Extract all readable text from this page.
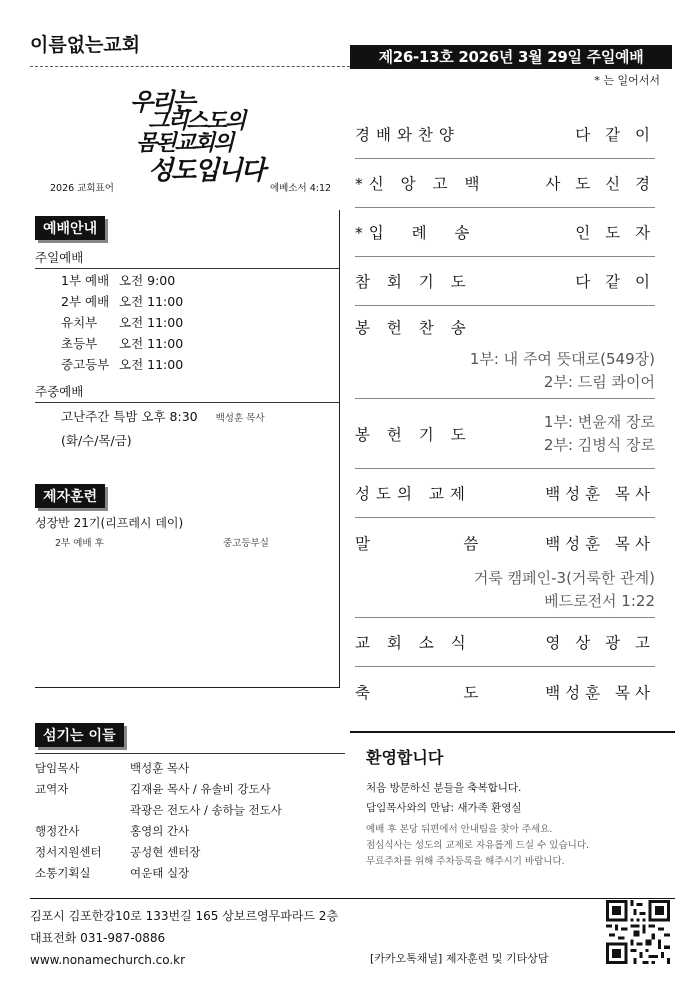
이름없는교회
제26-13호 2026년 3월 29일 주일예배
* 는 일어서서
우리는
그리스도의
몸된교회의
성도입니다
2026 교회표어	에베소서 4:12
예배안내
주일예배
1부 예배 오전 9:00
2부 예배 오전 11:00
유치부	오전 11:00
초등부	오전 11:00
중고등부 오전 11:00
주중예배
고난주간 특밤 오후 8:30 백성훈 목사
(화/수/목/금)
제자훈련
성장반 21기(리프레시 데이)
2부 예배 후	중고등부실
경배와찬양	다 같 이
*신 앙 고 백	사 도 신 경
*입  례  송	인 도 자
참 회 기 도	다 같 이
봉 헌 찬 송
1부: 내 주여 뜻대로(549장)
2부: 드림 콰이어
봉 헌 기 도
1부: 변윤재 장로
2부: 김병식 장로
성도의 교제	백성훈 목사
말        씀	백성훈 목사
거룩 캠페인-3(거룩한 관계)
베드로전서 1:22
교 회 소 식	영 상 광 고
축        도	백성훈 목사
섬기는 이들
담임목사	백성훈 목사
교역자	김재윤 목사 / 유솔비 강도사
곽광은 전도사 / 송하늘 전도사
행정간사	홍영의 간사
정서지원센터	공성현 센터장
소통기획실	여운태 실장
환영합니다
처음 방문하신 분들을 축복합니다.
담임목사와의 만남: 새가족 환영실
예배 후 본당 뒤편에서 안내팀을 찾아 주세요.
점심식사는 성도의 교제로 자유롭게 드실 수 있습니다.
무료주차를 위해 주차등록을 해주시기 바랍니다.
김포시 김포한강10로 133번길 165 상보르영무파라드 2층
대표전화 031-987-0886
www.nonamechurch.co.kr	[카카오톡채널] 제자훈련 및 기타상담
